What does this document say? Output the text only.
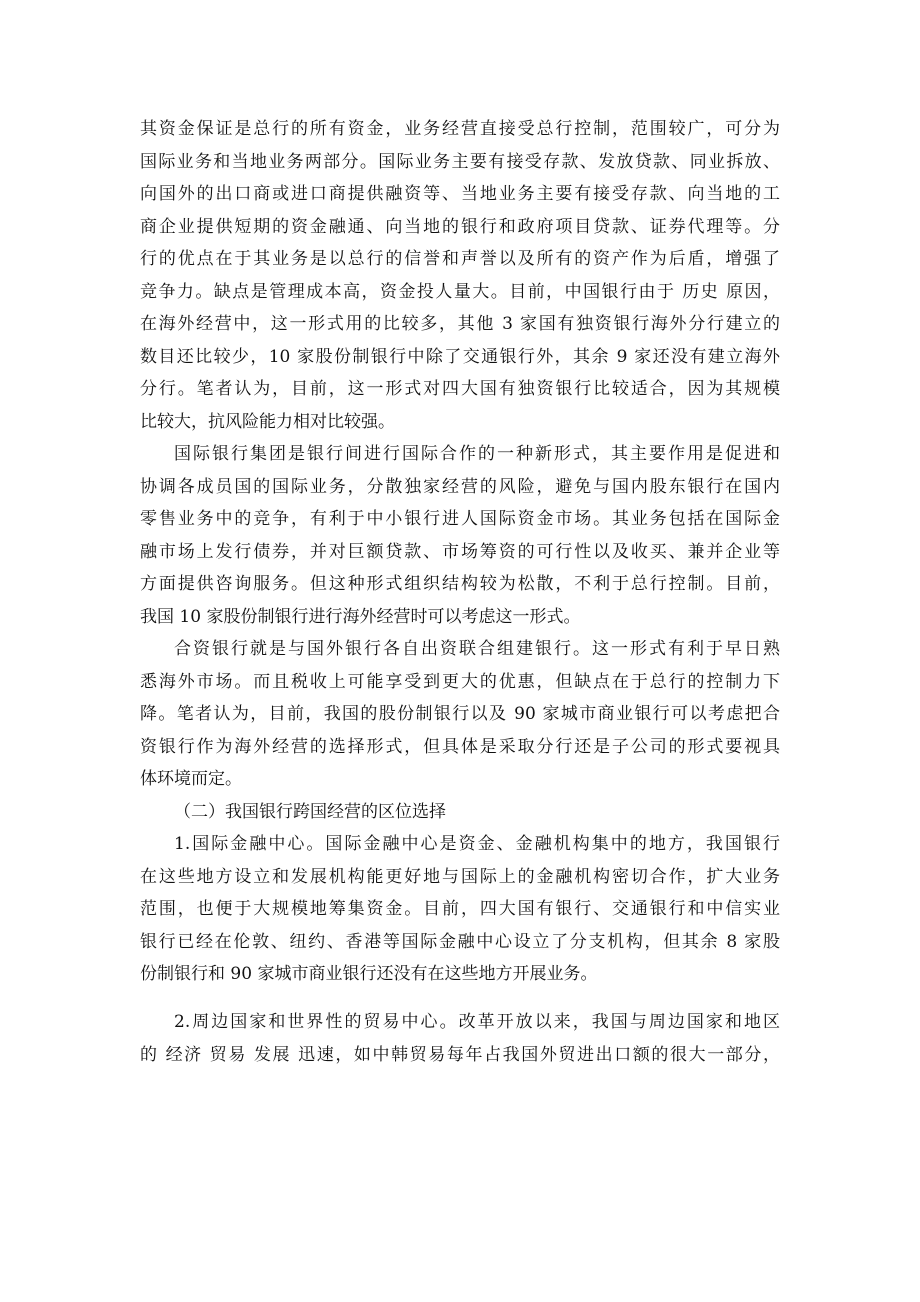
其资金保证是总行的所有资金，业务经营直接受总行控制，范围较广，可分为
国际业务和当地业务两部分。国际业务主要有接受存款、发放贷款、同业拆放、
向国外的出口商或进口商提供融资等、当地业务主要有接受存款、向当地的工
商企业提供短期的资金融通、向当地的银行和政府项目贷款、证券代理等。分
行的优点在于其业务是以总行的信誉和声誉以及所有的资产作为后盾，增强了
竞争力。缺点是管理成本高，资金投人量大。目前，中国银行由于 历史 原因，
在海外经营中，这一形式用的比较多，其他 3 家国有独资银行海外分行建立的
数目还比较少，10 家股份制银行中除了交通银行外，其余 9 家还没有建立海外
分行。笔者认为，目前，这一形式对四大国有独资银行比较适合，因为其规模
比较大，抗风险能力相对比较强。
国际银行集团是银行间进行国际合作的一种新形式，其主要作用是促进和
协调各成员国的国际业务，分散独家经营的风险，避免与国内股东银行在国内
零售业务中的竞争，有利于中小银行进人国际资金市场。其业务包括在国际金
融市场上发行债券，并对巨额贷款、市场筹资的可行性以及收买、兼并企业等
方面提供咨询服务。但这种形式组织结构较为松散，不利于总行控制。目前，
我国 10 家股份制银行进行海外经营时可以考虑这一形式。
合资银行就是与国外银行各自出资联合组建银行。这一形式有利于早日熟
悉海外市场。而且税收上可能享受到更大的优惠，但缺点在于总行的控制力下
降。笔者认为，目前，我国的股份制银行以及 90 家城市商业银行可以考虑把合
资银行作为海外经营的选择形式，但具体是采取分行还是子公司的形式要视具
体环境而定。
（二）我国银行跨国经营的区位选择
1.国际金融中心。国际金融中心是资金、金融机构集中的地方，我国银行
在这些地方设立和发展机构能更好地与国际上的金融机构密切合作，扩大业务
范围，也便于大规模地筹集资金。目前，四大国有银行、交通银行和中信实业
银行已经在伦敦、纽约、香港等国际金融中心设立了分支机构，但其余 8 家股
份制银行和 90 家城市商业银行还没有在这些地方开展业务。
2.周边国家和世界性的贸易中心。改革开放以来，我国与周边国家和地区
的 经济 贸易 发展 迅速，如中韩贸易每年占我国外贸进出口额的很大一部分，
